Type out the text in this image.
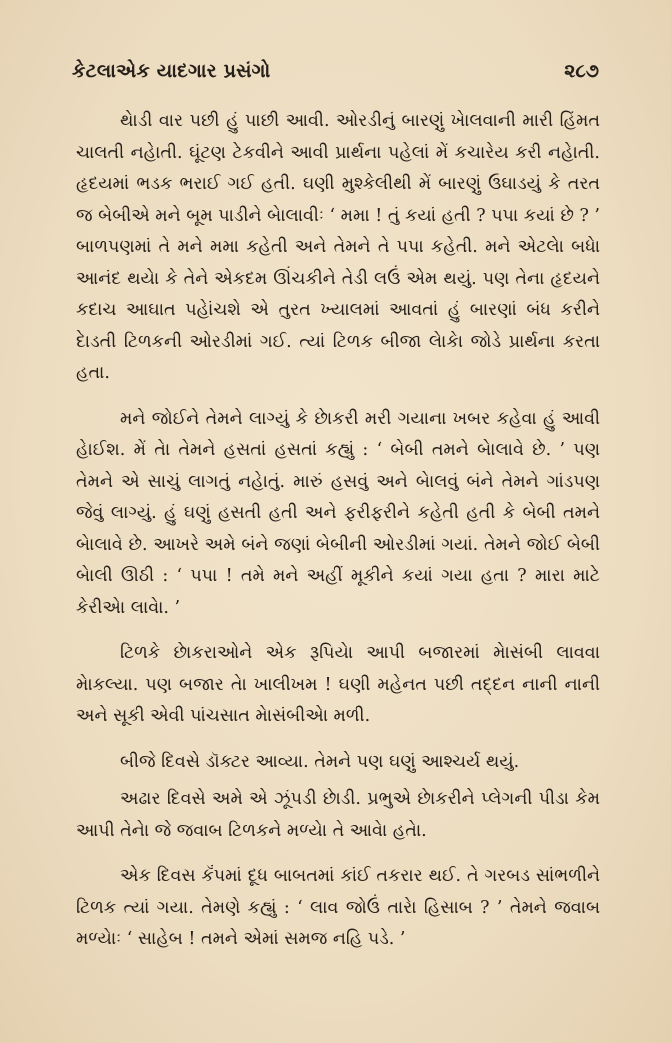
કેટલાએક યાદગાર પ્રસંગો	૨૮૭

થેાડી વાર પછી હું પાછી આવી. ઓરડીનું બારણું ખેાલવાની મારી હિંમત ચાલતી નહેાતી. ઘૂંટણ ટેકવીને આવી પ્રાર્થના પહેલાં મેં કચારેય કરી નહેાતી. હૃદયમાં ભડક ભરાઈ ગઈ હતી. ઘણી મુશ્કેલીથી મેં બારણું ઉઘાડયું કે તરત જ બેબીએ મને બૂમ પાડીને બેાલાવીઃ ‘ મમા ! તું કયાં હતી ? પપા કયાં છે ? ’ બાળપણમાં તે મને મમા કહેતી અને તેમને તે પપા કહેતી. મને એટલેા બધેા આનંદ થયેા કે તેને એકદમ ઊંચકીને તેડી લઉં એમ થયું. પણ તેના હૃદયને કદાચ આઘાત પહેાંચશે એ તુરત ખ્યાલમાં આવતાં હું બારણાં બંધ કરીને દેાડતી ટિળકની ઓરડીમાં ગઈ. ત્યાં ટિળક બીજા લેાકેા જોડે પ્રાર્થના કરતા હતા.

મને જોઈને તેમને લાગ્યું કે છેાકરી મરી ગયાના ખબર કહેવા હું આવી હેાઈશ. મેં તેા તેમને હસતાં હસતાં કહ્યું : ‘ બેબી તમને બેાલાવે છે. ’ પણ તેમને એ સાચું લાગતું નહેાતું. મારું હસવું અને બેાલવું બંને તેમને ગાંડપણ જેવું લાગ્યું. હું ઘણું હસતી હતી અને ફરીફરીને કહેતી હતી કે બેબી તમને બેાલાવે છે. આખરે અમે બંને જણાં બેબીની ઓરડીમાં ગયાં. તેમને જોઈ બેબી બેાલી ઊઠી : ‘ પપા ! તમે મને અહીં મૂકીને કયાં ગયા હતા ? મારા માટે કેરીએા લાવેા. ’

ટિળકે છેાકરાઓને એક રૂપિયેા આપી બજારમાં મેાસંબી લાવવા મેાકલ્યા. પણ બજાર તેા ખાલીખમ ! ઘણી મહેનત પછી તદ્દન નાની નાની અને સૂકી એવી પાંચસાત મેાસંબીએા મળી.

બીજે દિવસે ડૉક્ટર આવ્યા. તેમને પણ ઘણું આશ્ચર્ય થયું.

અઢાર દિવસે અમે એ ઝૂંપડી છેાડી. પ્રભુએ છેાકરીને પ્લેગની પીડા કેમ આપી તેનેા જે જવાબ ટિળકને મળ્યેા તે આવેા હતેા.

એક દિવસ કૅંપમાં દૂધ બાબતમાં કાંઈ તકરાર થઈ. તે ગરબડ સાંભળીને ટિળક ત્યાં ગયા. તેમણે કહ્યું : ‘ લાવ જોઉં તારેા હિસાબ ? ’ તેમને જવાબ મળ્યેાઃ ‘ સાહેબ ! તમને એમાં સમજ નહિ પડે. ’
